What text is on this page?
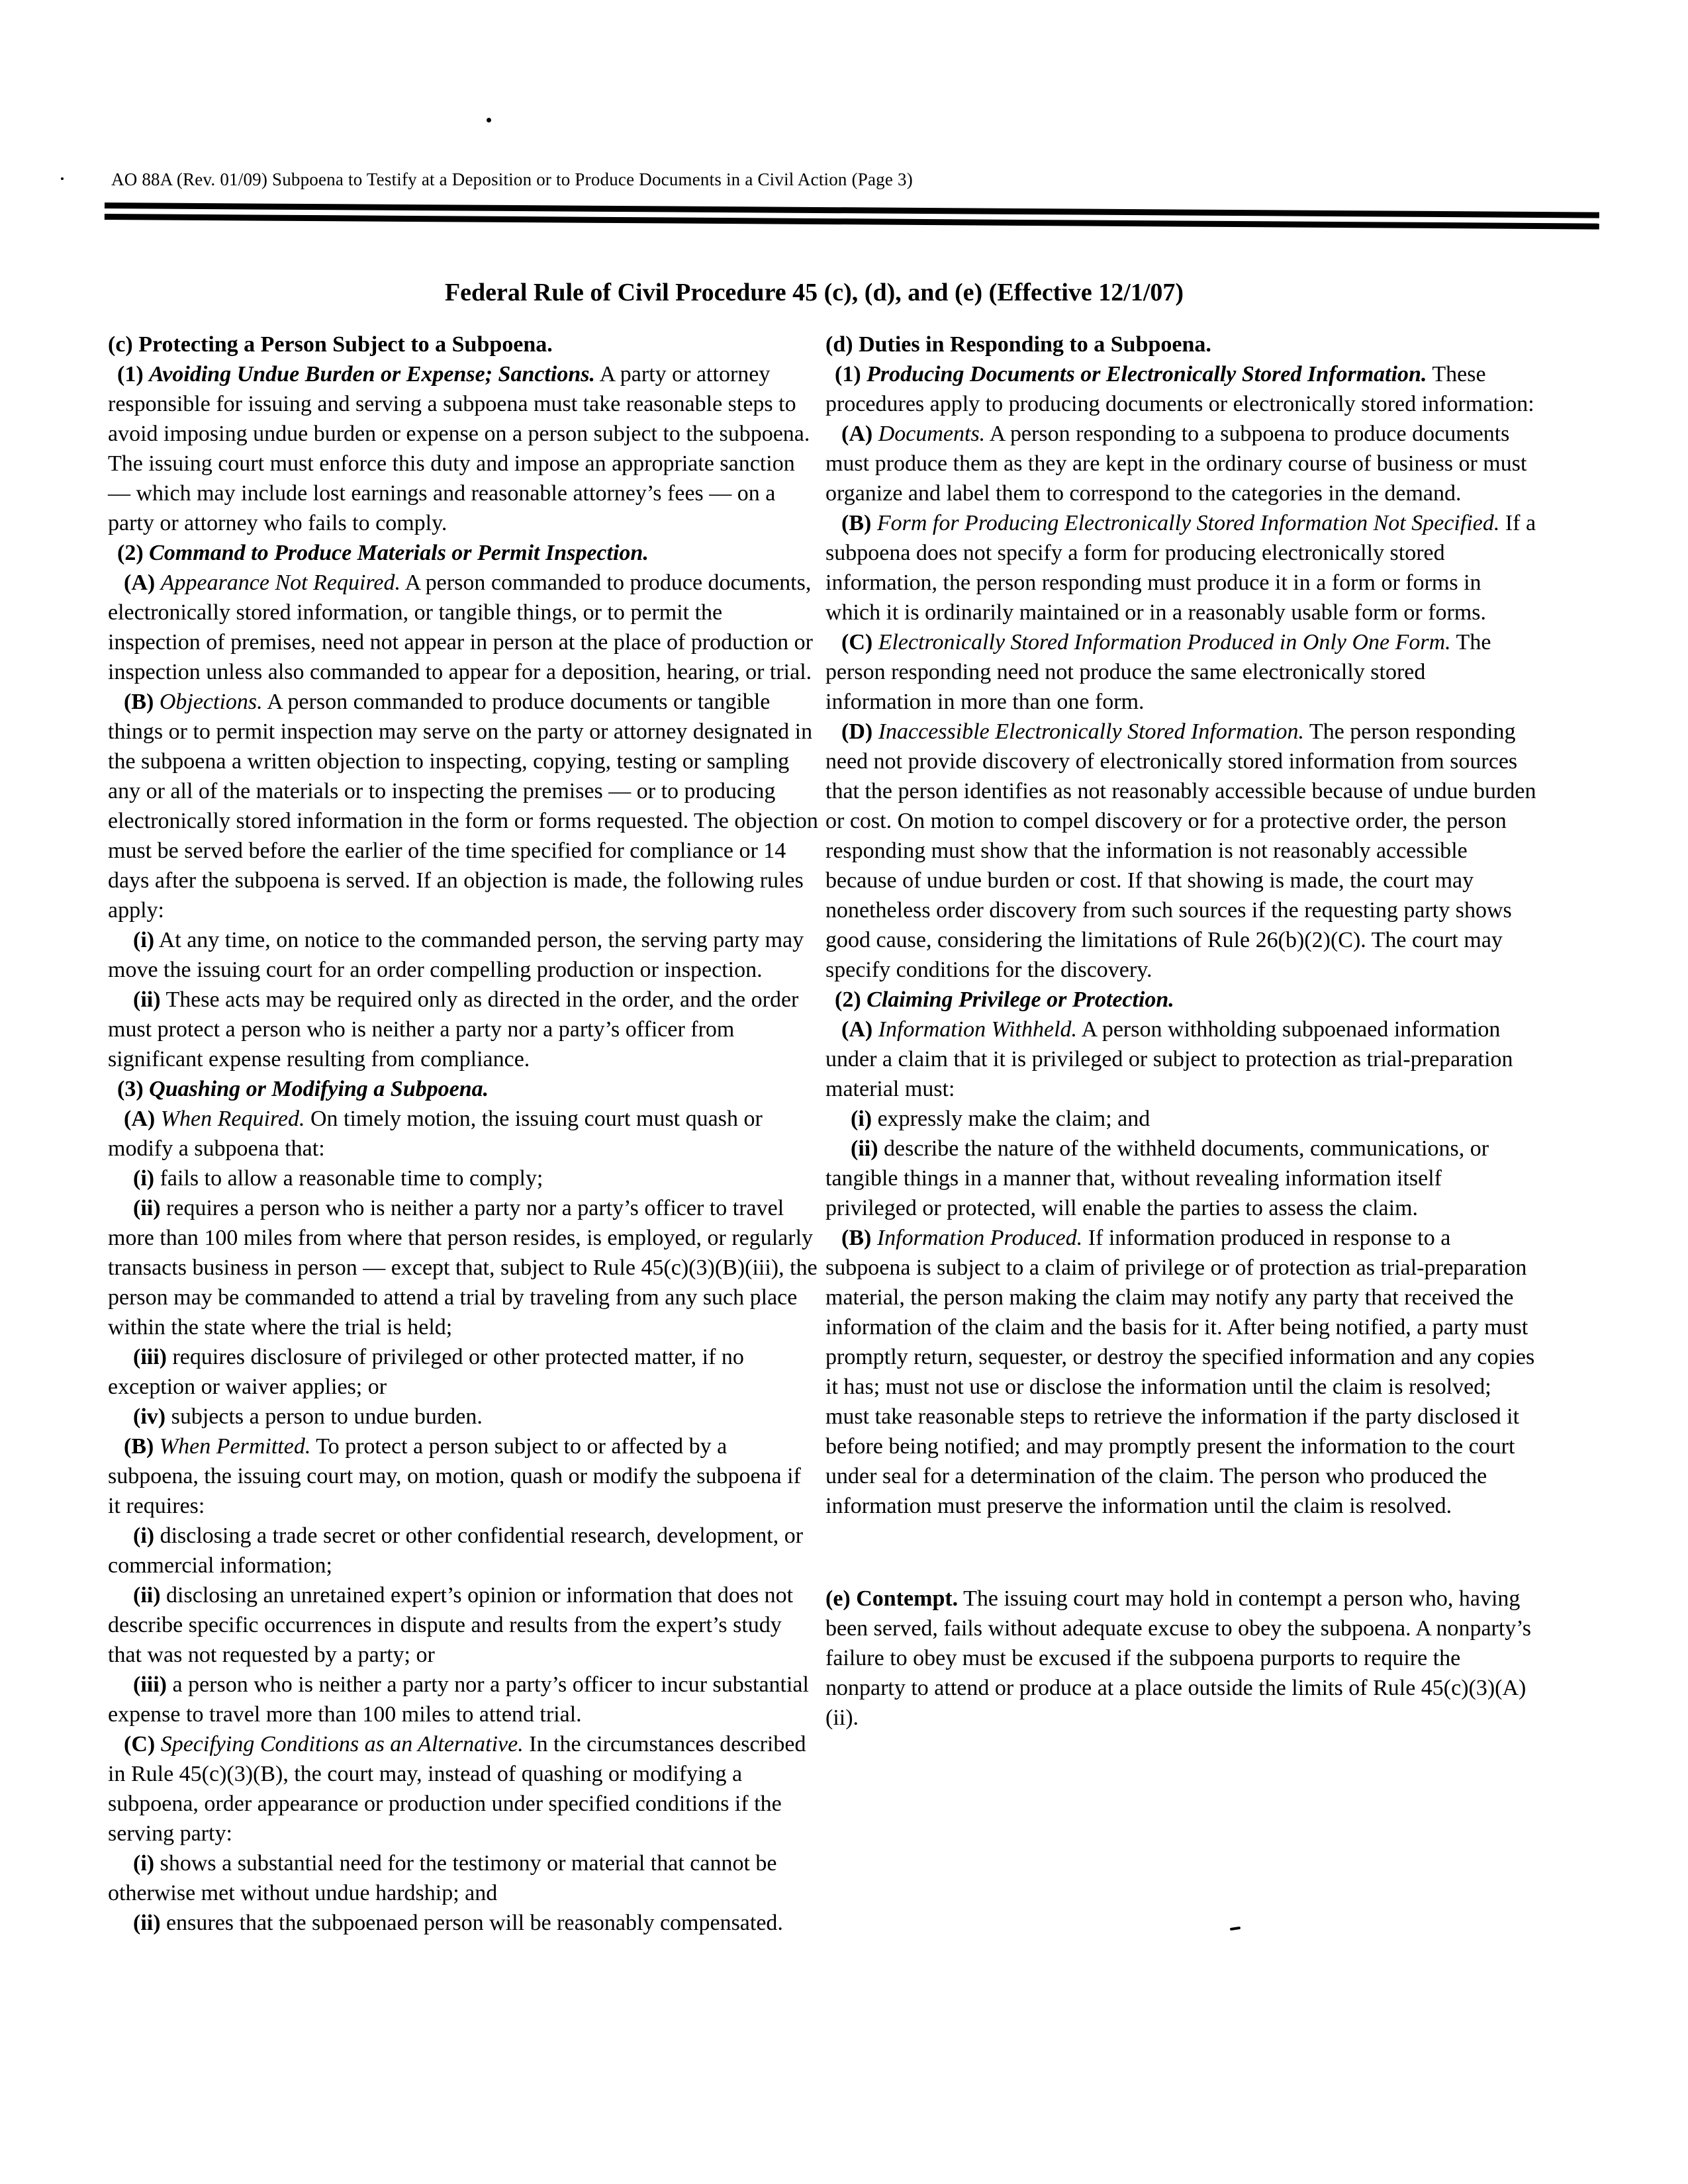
AO 88A (Rev. 01/09) Subpoena to Testify at a Deposition or to Produce Documents in a Civil Action (Page 3)
Federal Rule of Civil Procedure 45 (c), (d), and (e) (Effective 12/1/07)

(c) Protecting a Person Subject to a Subpoena.

(1) Avoiding Undue Burden or Expense; Sanctions. A party or attorney responsible for issuing and serving a subpoena must take reasonable steps to avoid imposing undue burden or expense on a person subject to the subpoena. The issuing court must enforce this duty and impose an appropriate sanction — which may include lost earnings and reasonable attorney’s fees — on a party or attorney who fails to comply.

(2) Command to Produce Materials or Permit Inspection.

(A) Appearance Not Required. A person commanded to produce documents, electronically stored information, or tangible things, or to permit the inspection of premises, need not appear in person at the place of production or inspection unless also commanded to appear for a deposition, hearing, or trial.

(B) Objections. A person commanded to produce documents or tangible things or to permit inspection may serve on the party or attorney designated in the subpoena a written objection to inspecting, copying, testing or sampling any or all of the materials or to inspecting the premises — or to producing electronically stored information in the form or forms requested. The objection must be served before the earlier of the time specified for compliance or 14 days after the subpoena is served. If an objection is made, the following rules apply:

(i) At any time, on notice to the commanded person, the serving party may move the issuing court for an order compelling production or inspection.

(ii) These acts may be required only as directed in the order, and the order must protect a person who is neither a party nor a party’s officer from significant expense resulting from compliance.

(3) Quashing or Modifying a Subpoena.

(A) When Required. On timely motion, the issuing court must quash or modify a subpoena that:

(i) fails to allow a reasonable time to comply;

(ii) requires a person who is neither a party nor a party’s officer to travel more than 100 miles from where that person resides, is employed, or regularly transacts business in person — except that, subject to Rule 45(c)(3)(B)(iii), the person may be commanded to attend a trial by traveling from any such place within the state where the trial is held;

(iii) requires disclosure of privileged or other protected matter, if no exception or waiver applies; or

(iv) subjects a person to undue burden.

(B) When Permitted. To protect a person subject to or affected by a subpoena, the issuing court may, on motion, quash or modify the subpoena if it requires:

(i) disclosing a trade secret or other confidential research, development, or commercial information;

(ii) disclosing an unretained expert’s opinion or information that does not describe specific occurrences in dispute and results from the expert’s study that was not requested by a party; or

(iii) a person who is neither a party nor a party’s officer to incur substantial expense to travel more than 100 miles to attend trial.

(C) Specifying Conditions as an Alternative. In the circumstances described in Rule 45(c)(3)(B), the court may, instead of quashing or modifying a subpoena, order appearance or production under specified conditions if the serving party:

(i) shows a substantial need for the testimony or material that cannot be otherwise met without undue hardship; and

(ii) ensures that the subpoenaed person will be reasonably compensated.

(d) Duties in Responding to a Subpoena.

(1) Producing Documents or Electronically Stored Information. These procedures apply to producing documents or electronically stored information:

(A) Documents. A person responding to a subpoena to produce documents must produce them as they are kept in the ordinary course of business or must organize and label them to correspond to the categories in the demand.

(B) Form for Producing Electronically Stored Information Not Specified. If a subpoena does not specify a form for producing electronically stored information, the person responding must produce it in a form or forms in which it is ordinarily maintained or in a reasonably usable form or forms.

(C) Electronically Stored Information Produced in Only One Form. The person responding need not produce the same electronically stored information in more than one form.

(D) Inaccessible Electronically Stored Information. The person responding need not provide discovery of electronically stored information from sources that the person identifies as not reasonably accessible because of undue burden or cost. On motion to compel discovery or for a protective order, the person responding must show that the information is not reasonably accessible because of undue burden or cost. If that showing is made, the court may nonetheless order discovery from such sources if the requesting party shows good cause, considering the limitations of Rule 26(b)(2)(C). The court may specify conditions for the discovery.

(2) Claiming Privilege or Protection.

(A) Information Withheld. A person withholding subpoenaed information under a claim that it is privileged or subject to protection as trial-preparation material must:

(i) expressly make the claim; and

(ii) describe the nature of the withheld documents, communications, or tangible things in a manner that, without revealing information itself privileged or protected, will enable the parties to assess the claim.

(B) Information Produced. If information produced in response to a subpoena is subject to a claim of privilege or of protection as trial-preparation material, the person making the claim may notify any party that received the information of the claim and the basis for it. After being notified, a party must promptly return, sequester, or destroy the specified information and any copies it has; must not use or disclose the information until the claim is resolved; must take reasonable steps to retrieve the information if the party disclosed it before being notified; and may promptly present the information to the court under seal for a determination of the claim. The person who produced the information must preserve the information until the claim is resolved.

(e) Contempt. The issuing court may hold in contempt a person who, having been served, fails without adequate excuse to obey the subpoena. A nonparty’s failure to obey must be excused if the subpoena purports to require the nonparty to attend or produce at a place outside the limits of Rule 45(c)(3)(A)(ii).
